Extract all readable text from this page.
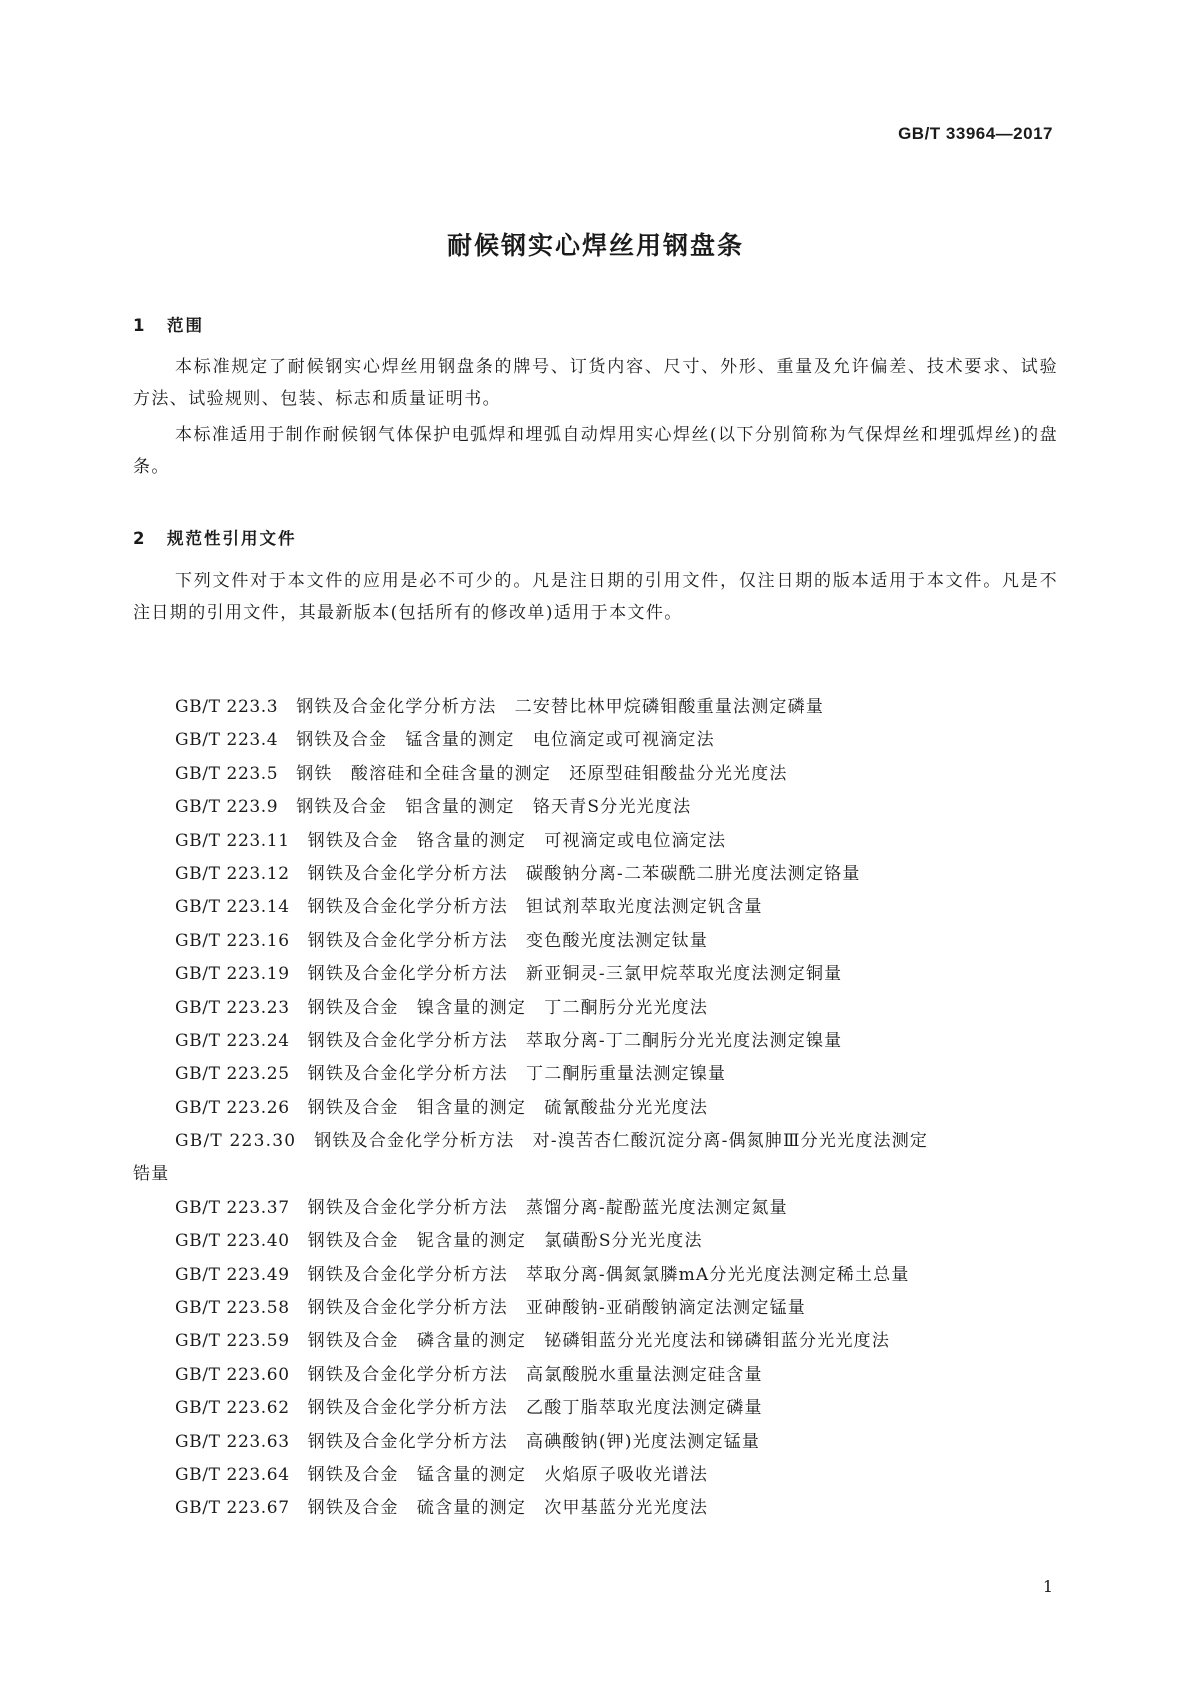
GB/T 33964—2017
耐候钢实心焊丝用钢盘条
1 范围

本标准规定了耐候钢实心焊丝用钢盘条的牌号、订货内容、尺寸、外形、重量及允许偏差、技术要求、试验方法、试验规则、包装、标志和质量证明书。

本标准适用于制作耐候钢气体保护电弧焊和埋弧自动焊用实心焊丝(以下分别简称为气保焊丝和埋弧焊丝)的盘条。

2 规范性引用文件

下列文件对于本文件的应用是必不可少的。凡是注日期的引用文件，仅注日期的版本适用于本文件。凡是不注日期的引用文件，其最新版本(包括所有的修改单)适用于本文件。

GB/T 223.3 钢铁及合金化学分析方法　二安替比林甲烷磷钼酸重量法测定磷量
GB/T 223.4 钢铁及合金　锰含量的测定　电位滴定或可视滴定法
GB/T 223.5 钢铁　酸溶硅和全硅含量的测定　还原型硅钼酸盐分光光度法
GB/T 223.9 钢铁及合金　铝含量的测定　铬天青S分光光度法
GB/T 223.11 钢铁及合金　铬含量的测定　可视滴定或电位滴定法
GB/T 223.12 钢铁及合金化学分析方法　碳酸钠分离-二苯碳酰二肼光度法测定铬量
GB/T 223.14 钢铁及合金化学分析方法　钽试剂萃取光度法测定钒含量
GB/T 223.16 钢铁及合金化学分析方法　变色酸光度法测定钛量
GB/T 223.19 钢铁及合金化学分析方法　新亚铜灵-三氯甲烷萃取光度法测定铜量
GB/T 223.23 钢铁及合金　镍含量的测定　丁二酮肟分光光度法
GB/T 223.24 钢铁及合金化学分析方法　萃取分离-丁二酮肟分光光度法测定镍量
GB/T 223.25 钢铁及合金化学分析方法　丁二酮肟重量法测定镍量
GB/T 223.26 钢铁及合金　钼含量的测定　硫氰酸盐分光光度法
GB/T 223.30 钢铁及合金化学分析方法　对-溴苦杏仁酸沉淀分离-偶氮胂Ⅲ分光光度法测定
锆量
GB/T 223.37 钢铁及合金化学分析方法　蒸馏分离-靛酚蓝光度法测定氮量
GB/T 223.40 钢铁及合金　铌含量的测定　氯磺酚S分光光度法
GB/T 223.49 钢铁及合金化学分析方法　萃取分离-偶氮氯膦mA分光光度法测定稀土总量
GB/T 223.58 钢铁及合金化学分析方法　亚砷酸钠-亚硝酸钠滴定法测定锰量
GB/T 223.59 钢铁及合金　磷含量的测定　铋磷钼蓝分光光度法和锑磷钼蓝分光光度法
GB/T 223.60 钢铁及合金化学分析方法　高氯酸脱水重量法测定硅含量
GB/T 223.62 钢铁及合金化学分析方法　乙酸丁脂萃取光度法测定磷量
GB/T 223.63 钢铁及合金化学分析方法　高碘酸钠(钾)光度法测定锰量
GB/T 223.64 钢铁及合金　锰含量的测定　火焰原子吸收光谱法
GB/T 223.67 钢铁及合金　硫含量的测定　次甲基蓝分光光度法
1
